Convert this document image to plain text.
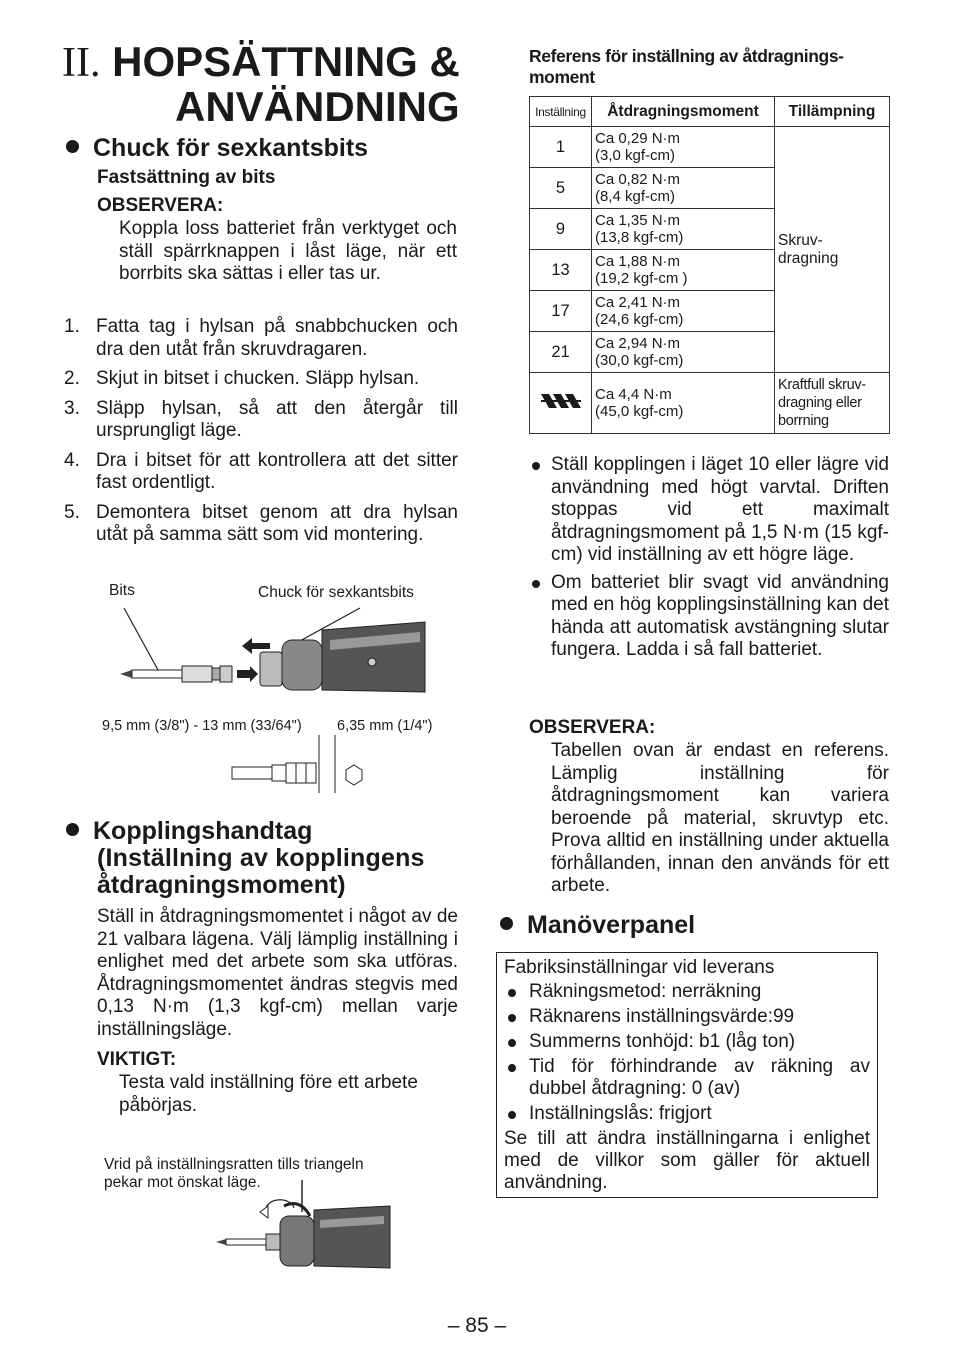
II. HOPSÄTTNING &
ANVÄNDNING
Chuck för sexkantsbits
Fastsättning av bits
OBSERVERA:
Koppla loss batteriet från verktyget och ställ spärrknappen i låst läge, när ett borrbits ska sättas i eller tas ur.
1. Fatta tag i hylsan på snabbchucken och dra den utåt från skruvdragaren.
2. Skjut in bitset i chucken. Släpp hylsan.
3. Släpp hylsan, så att den återgår till ursprungligt läge.
4. Dra i bitset för att kontrollera att det sitter fast ordentligt.
5. Demontera bitset genom att dra hylsan utåt på samma sätt som vid montering.
Bits	Chuck för sexkantsbits
9,5 mm (3/8") - 13 mm (33/64") 6,35 mm (1/4")
Kopplingshandtag
(Inställning av kopplingens
åtdragningsmoment)
Ställ in åtdragningsmomentet i något av de 21 valbara lägena. Välj lämplig inställning i enlighet med det arbete som ska utföras. Åtdragningsmomentet ändras stegvis med 0,13 N·m (1,3 kgf-cm) mellan varje inställningsläge.
VIKTIGT:
Testa vald inställning före ett arbete påbörjas.
Vrid på inställningsratten tills triangeln
pekar mot önskat läge.
Referens för inställning av åtdragnings-
moment
Inställning	Åtdragningsmoment	Tillämpning
1	Ca 0,29 N·m
(3,0 kgf-cm)	Skruv-
dragning
5	Ca 0,82 N·m
(8,4 kgf-cm)	
9	Ca 1,35 N·m
(13,8 kgf-cm)	
13	Ca 1,88 N·m
(19,2 kgf-cm )	
17	Ca 2,41 N·m
(24,6 kgf-cm)	
21	Ca 2,94 N·m
(30,0 kgf-cm)	
	Ca 4,4 N·m
(45,0 kgf-cm)	Kraftfull skruv-
dragning eller
borrning
Ställ kopplingen i läget 10 eller lägre vid användning med högt varvtal. Driften stoppas vid ett maximalt åtdragningsmoment på 1,5 N·m (15 kgf-cm) vid inställning av ett högre läge.
Om batteriet blir svagt vid användning med en hög kopplingsinställning kan det hända att automatisk avstängning slutar fungera. Ladda i så fall batteriet.
OBSERVERA:
Tabellen ovan är endast en referens. Lämplig inställning för åtdragningsmoment kan variera beroende på material, skruvtyp etc. Prova alltid en inställning under aktuella förhållanden, innan den används för ett arbete.
Manöverpanel
Fabriksinställningar vid leverans
Räkningsmetod: nerräkning
Räknarens inställningsvärde:99
Summerns tonhöjd: b1 (låg ton)
Tid för förhindrande av räkning av dubbel åtdragning: 0 (av)
Inställningslås: frigjort
Se till att ändra inställningarna i enlighet med de villkor som gäller för aktuell användning.
– 85 –
